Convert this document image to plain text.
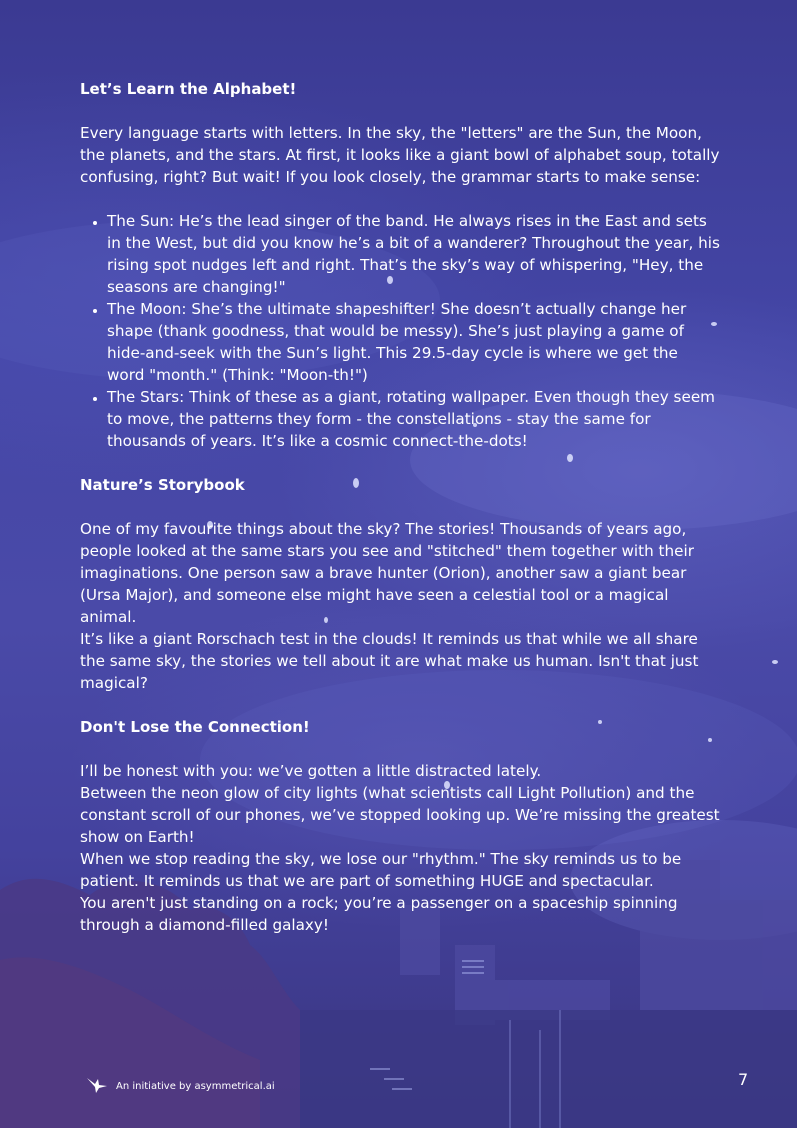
Let’s Learn the Alphabet!

Every language starts with letters. In the sky, the "letters" are the Sun, the Moon, the planets, and the stars. At first, it looks like a giant bowl of alphabet soup, totally confusing, right? But wait! If you look closely, the grammar starts to make sense:

• The Sun: He’s the lead singer of the band. He always rises in the East and sets in the West, but did you know he’s a bit of a wanderer? Throughout the year, his rising spot nudges left and right. That’s the sky’s way of whispering, "Hey, the seasons are changing!"
• The Moon: She’s the ultimate shapeshifter! She doesn’t actually change her shape (thank goodness, that would be messy). She’s just playing a game of hide-and-seek with the Sun’s light. This 29.5-day cycle is where we get the word "month." (Think: "Moon-th!")
• The Stars: Think of these as a giant, rotating wallpaper. Even though they seem to move, the patterns they form - the constellations - stay the same for thousands of years. It’s like a cosmic connect-the-dots!
Nature’s Storybook

One of my favourite things about the sky? The stories! Thousands of years ago, people looked at the same stars you see and "stitched" them together with their imaginations. One person saw a brave hunter (Orion), another saw a giant bear (Ursa Major), and someone else might have seen a celestial tool or a magical animal.

It’s like a giant Rorschach test in the clouds! It reminds us that while we all share the same sky, the stories we tell about it are what make us human. Isn't that just magical?

Don't Lose the Connection!

I’ll be honest with you: we’ve gotten a little distracted lately.

Between the neon glow of city lights (what scientists call Light Pollution) and the constant scroll of our phones, we’ve stopped looking up. We’re missing the greatest show on Earth!

When we stop reading the sky, we lose our "rhythm." The sky reminds us to be patient. It reminds us that we are part of something HUGE and spectacular.

You aren't just standing on a rock; you’re a passenger on a spaceship spinning through a diamond-filled galaxy!

An initiative by asymmetrical.ai	7
